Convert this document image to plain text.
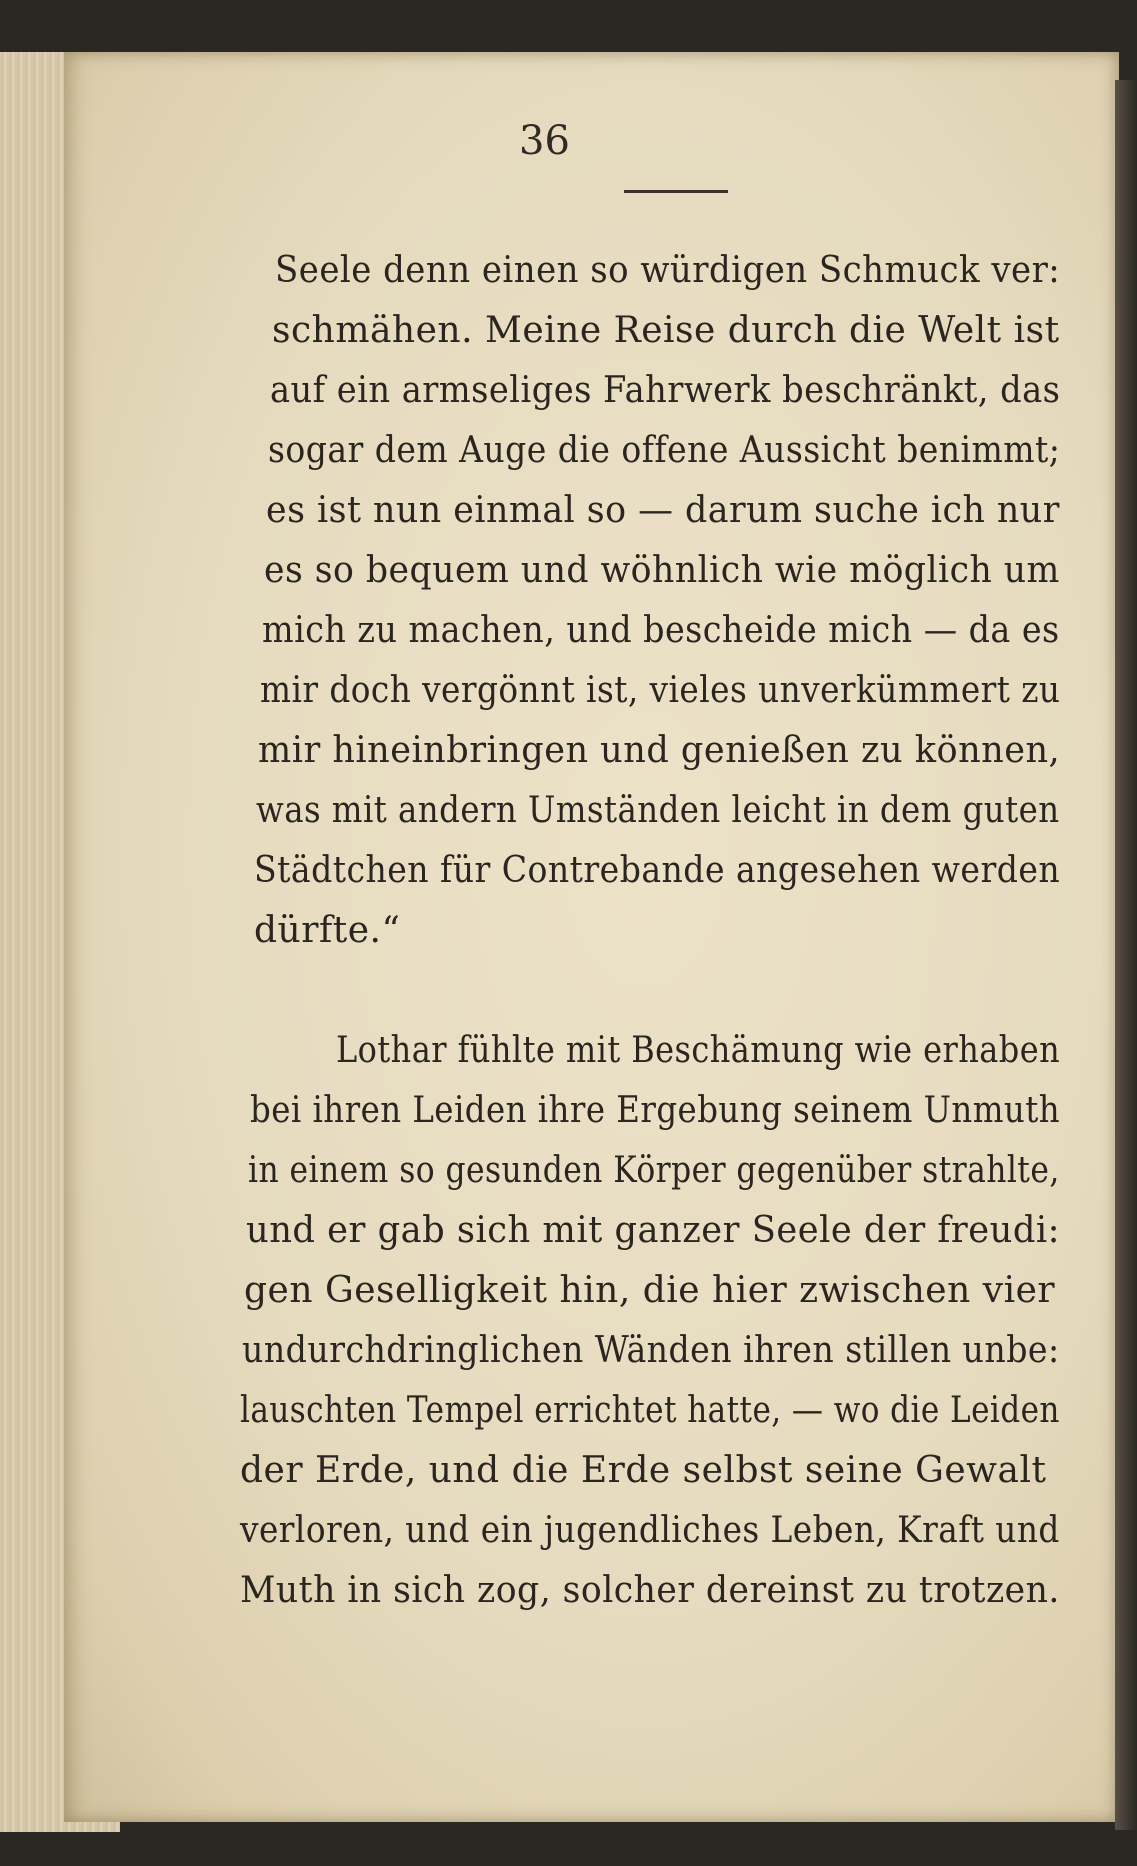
36
Seele denn einen so würdigen Schmuck ver:
schmähen. Meine Reise durch die Welt ist
auf ein armseliges Fahrwerk beschränkt, das
sogar dem Auge die offene Aussicht benimmt;
es ist nun einmal so — darum suche ich nur
es so bequem und wöhnlich wie möglich um
mich zu machen, und bescheide mich — da es
mir doch vergönnt ist, vieles unverkümmert zu
mir hineinbringen und genießen zu können,
was mit andern Umständen leicht in dem guten
Städtchen für Contrebande angesehen werden
dürfte.“
Lothar fühlte mit Beschämung wie erhaben
bei ihren Leiden ihre Ergebung seinem Unmuth
in einem so gesunden Körper gegenüber strahlte,
und er gab sich mit ganzer Seele der freudi:
gen Geselligkeit hin, die hier zwischen vier
undurchdringlichen Wänden ihren stillen unbe:
lauschten Tempel errichtet hatte, — wo die Leiden
der Erde, und die Erde selbst seine Gewalt
verloren, und ein jugendliches Leben, Kraft und
Muth in sich zog, solcher dereinst zu trotzen.
